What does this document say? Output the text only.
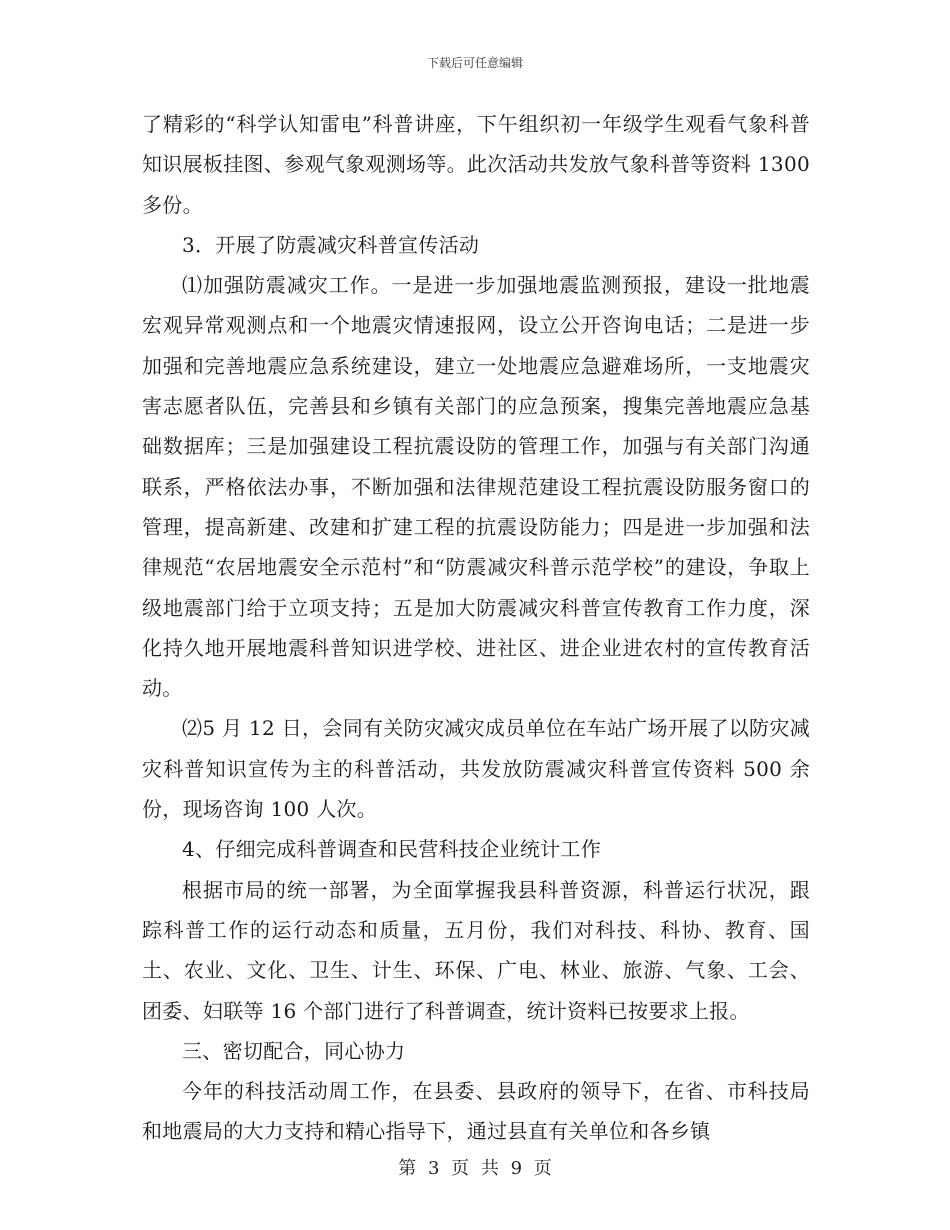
下载后可任意编辑

了精彩的“科学认知雷电”科普讲座，下午组织初一年级学生观看气象科普知识展板挂图、参观气象观测场等。此次活动共发放气象科普等资料 1300 多份。

3．开展了防震减灾科普宣传活动

⑴加强防震减灾工作。一是进一步加强地震监测预报，建设一批地震宏观异常观测点和一个地震灾情速报网，设立公开咨询电话；二是进一步加强和完善地震应急系统建设，建立一处地震应急避难场所，一支地震灾害志愿者队伍，完善县和乡镇有关部门的应急预案，搜集完善地震应急基础数据库；三是加强建设工程抗震设防的管理工作，加强与有关部门沟通联系，严格依法办事，不断加强和法律规范建设工程抗震设防服务窗口的管理，提高新建、改建和扩建工程的抗震设防能力；四是进一步加强和法律规范“农居地震安全示范村”和“防震减灾科普示范学校”的建设，争取上级地震部门给于立项支持；五是加大防震减灾科普宣传教育工作力度，深化持久地开展地震科普知识进学校、进社区、进企业进农村的宣传教育活动。

⑵5 月 12 日，会同有关防灾减灾成员单位在车站广场开展了以防灾减灾科普知识宣传为主的科普活动，共发放防震减灾科普宣传资料 500 余份，现场咨询 100 人次。

4、仔细完成科普调查和民营科技企业统计工作

根据市局的统一部署，为全面掌握我县科普资源，科普运行状况，跟踪科普工作的运行动态和质量，五月份，我们对科技、科协、教育、国土、农业、文化、卫生、计生、环保、广电、林业、旅游、气象、工会、团委、妇联等 16 个部门进行了科普调查，统计资料已按要求上报。

三、密切配合，同心协力

今年的科技活动周工作，在县委、县政府的领导下，在省、市科技局和地震局的大力支持和精心指导下，通过县直有关单位和各乡镇

第 3 页 共 9 页
